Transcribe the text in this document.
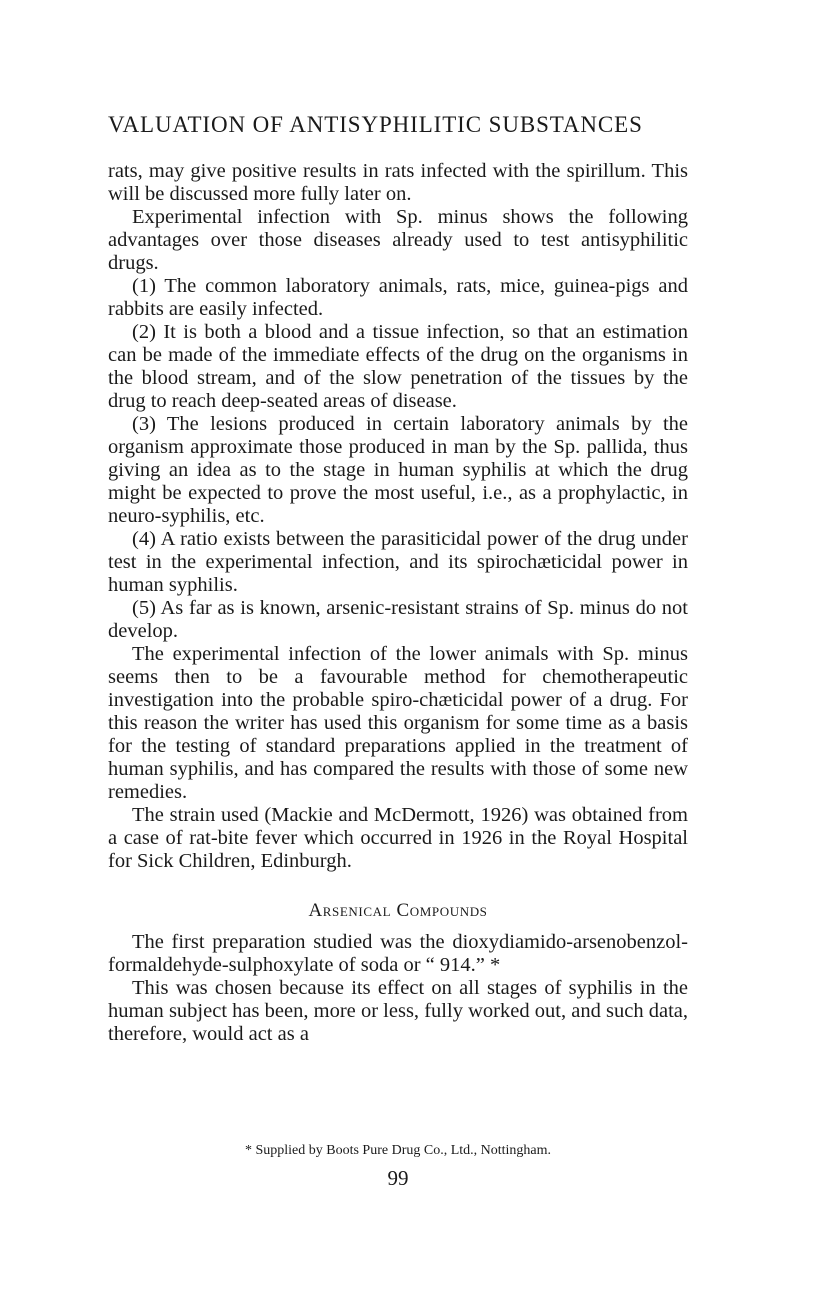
VALUATION OF ANTISYPHILITIC SUBSTANCES

rats, may give positive results in rats infected with the spirillum. This will be discussed more fully later on.

Experimental infection with Sp. minus shows the following advantages over those diseases already used to test antisyphilitic drugs.

(1) The common laboratory animals, rats, mice, guinea-pigs and rabbits are easily infected.

(2) It is both a blood and a tissue infection, so that an estimation can be made of the immediate effects of the drug on the organisms in the blood stream, and of the slow penetration of the tissues by the drug to reach deep-seated areas of disease.

(3) The lesions produced in certain laboratory animals by the organism approximate those produced in man by the Sp. pallida, thus giving an idea as to the stage in human syphilis at which the drug might be expected to prove the most useful, i.e., as a prophylactic, in neuro-syphilis, etc.

(4) A ratio exists between the parasiticidal power of the drug under test in the experimental infection, and its spirochæticidal power in human syphilis.

(5) As far as is known, arsenic-resistant strains of Sp. minus do not develop.

The experimental infection of the lower animals with Sp. minus seems then to be a favourable method for chemotherapeutic investigation into the probable spiro-chæticidal power of a drug. For this reason the writer has used this organism for some time as a basis for the testing of standard preparations applied in the treatment of human syphilis, and has compared the results with those of some new remedies.

The strain used (Mackie and McDermott, 1926) was obtained from a case of rat-bite fever which occurred in 1926 in the Royal Hospital for Sick Children, Edinburgh.

Arsenical Compounds

The first preparation studied was the dioxydiamido-arsenobenzol-formaldehyde-sulphoxylate of soda or “ 914.” *

This was chosen because its effect on all stages of syphilis in the human subject has been, more or less, fully worked out, and such data, therefore, would act as a

* Supplied by Boots Pure Drug Co., Ltd., Nottingham.
99
